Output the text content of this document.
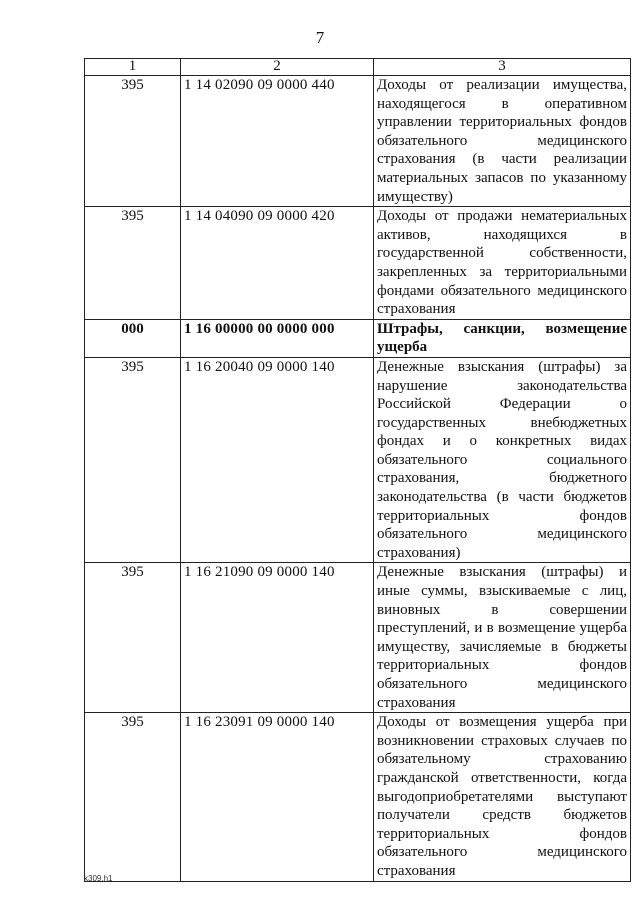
7
1	2	3
395	1 14 02090 09 0000 440	Доходы от реализации имущества, находящегося в оперативном управлении территориальных фондов обязательного медицинского страхования (в части реализации материальных запасов по указанному имуществу)
395	1 14 04090 09 0000 420	Доходы от продажи нематериальных активов, находящихся в государственной собственности, закрепленных за территориальными фондами обязательного медицинского страхования
000	1 16 00000 00 0000 000	Штрафы, санкции, возмещение ущерба
395	1 16 20040 09 0000 140	Денежные взыскания (штрафы) за нарушение законодательства Российской Федерации о государственных внебюджетных фондах и о конкретных видах обязательного социального страхования, бюджетного законодательства (в части бюджетов территориальных фондов обязательного медицинского страхования)
395	1 16 21090 09 0000 140	Денежные взыскания (штрафы) и иные суммы, взыскиваемые с лиц, виновных в совершении преступлений, и в возмещение ущерба имуществу, зачисляемые в бюджеты территориальных фондов обязательного медицинского страхования
395	1 16 23091 09 0000 140	Доходы от возмещения ущерба при возникновении страховых случаев по обязательному страхованию гражданской ответственности, когда выгодоприобретателями выступают получатели средств бюджетов территориальных фондов обязательного медицинского страхования
k309.h1
